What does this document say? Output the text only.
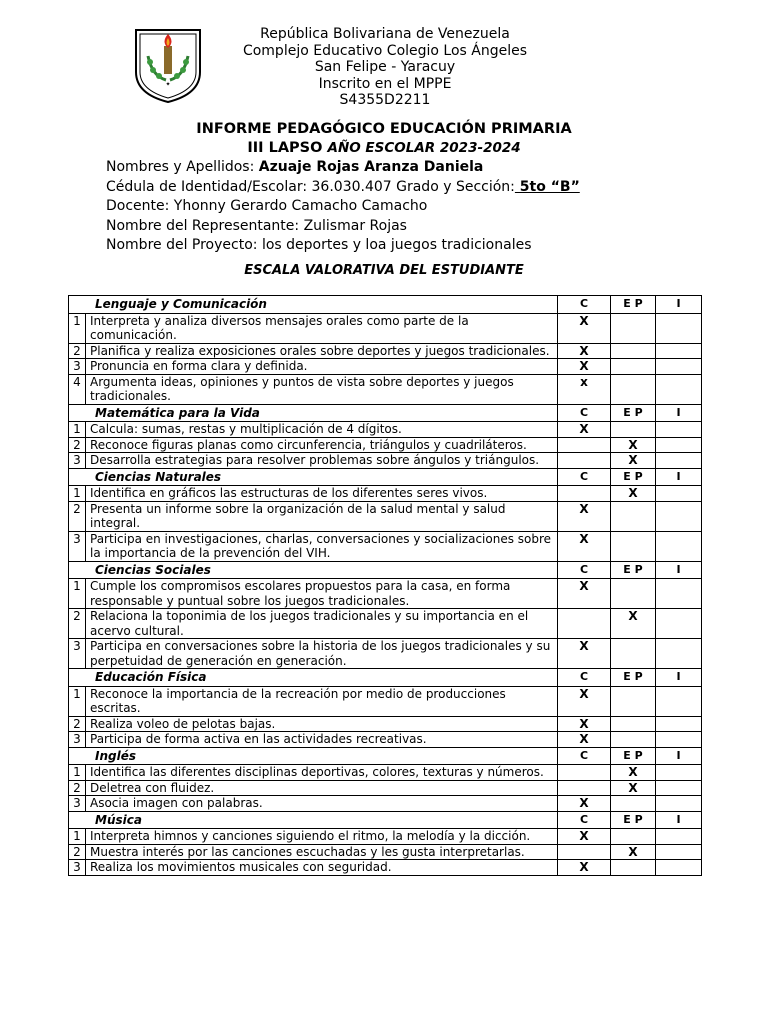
✦
República Bolivariana de Venezuela
Complejo Educativo Colegio Los Ángeles
San Felipe - Yaracuy
Inscrito en el MPPE
S4355D2211
INFORME PEDAGÓGICO EDUCACIÓN PRIMARIA
III LAPSO AÑO ESCOLAR 2023-2024
Nombres y Apellidos: Azuaje Rojas Aranza Daniela
Cédula de Identidad/Escolar: 36.030.407 Grado y Sección: 5to “B”
Docente: Yhonny Gerardo Camacho Camacho
Nombre del Representante: Zulismar Rojas
Nombre del Proyecto: los deportes y loa juegos tradicionales
ESCALA VALORATIVA DEL ESTUDIANTE
Lenguaje y Comunicación		C	E P	I
1	Interpreta y analiza diversos mensajes orales como parte de la comunicación.	X		
2	Planifica y realiza exposiciones orales sobre deportes y juegos tradicionales.	X		
3	Pronuncia en forma clara y definida.	X		
4	Argumenta ideas, opiniones y puntos de vista sobre deportes y juegos tradicionales.	x		
Matemática para la Vida		C	E P	I
1	Calcula: sumas, restas y multiplicación de 4 dígitos.	X		
2	Reconoce figuras planas como circunferencia, triángulos y cuadriláteros.		X	
3	Desarrolla estrategias para resolver problemas sobre ángulos y triángulos.		X	
Ciencias Naturales		C	E P	I
1	Identifica en gráficos las estructuras de los diferentes seres vivos.		X	
2	Presenta un informe sobre la organización de la salud mental y salud integral.	X		
3	Participa en investigaciones, charlas, conversaciones y socializaciones sobre la importancia de la prevención del VIH.	X		
Ciencias Sociales		C	E P	I
1	Cumple los compromisos escolares propuestos para la casa, en forma responsable y puntual sobre los juegos tradicionales.	X		
2	Relaciona la toponimia de los juegos tradicionales y su importancia en el acervo cultural.		X	
3	Participa en conversaciones sobre la historia de los juegos tradicionales y su perpetuidad de generación en generación.	X		
Educación Física		C	E P	I
1	Reconoce la importancia de la recreación por medio de producciones escritas.	X		
2	Realiza voleo de pelotas bajas.	X		
3	Participa de forma activa en las actividades recreativas.	X		
Inglés		C	E P	I
1	Identifica las diferentes disciplinas deportivas, colores, texturas y números.		X	
2	Deletrea con fluidez.		X	
3	Asocia imagen con palabras.	X		
Música		C	E P	I
1	Interpreta himnos y canciones siguiendo el ritmo, la melodía y la dicción.	X		
2	Muestra interés por las canciones escuchadas y les gusta interpretarlas.		X	
3	Realiza los movimientos musicales con seguridad.	X		
